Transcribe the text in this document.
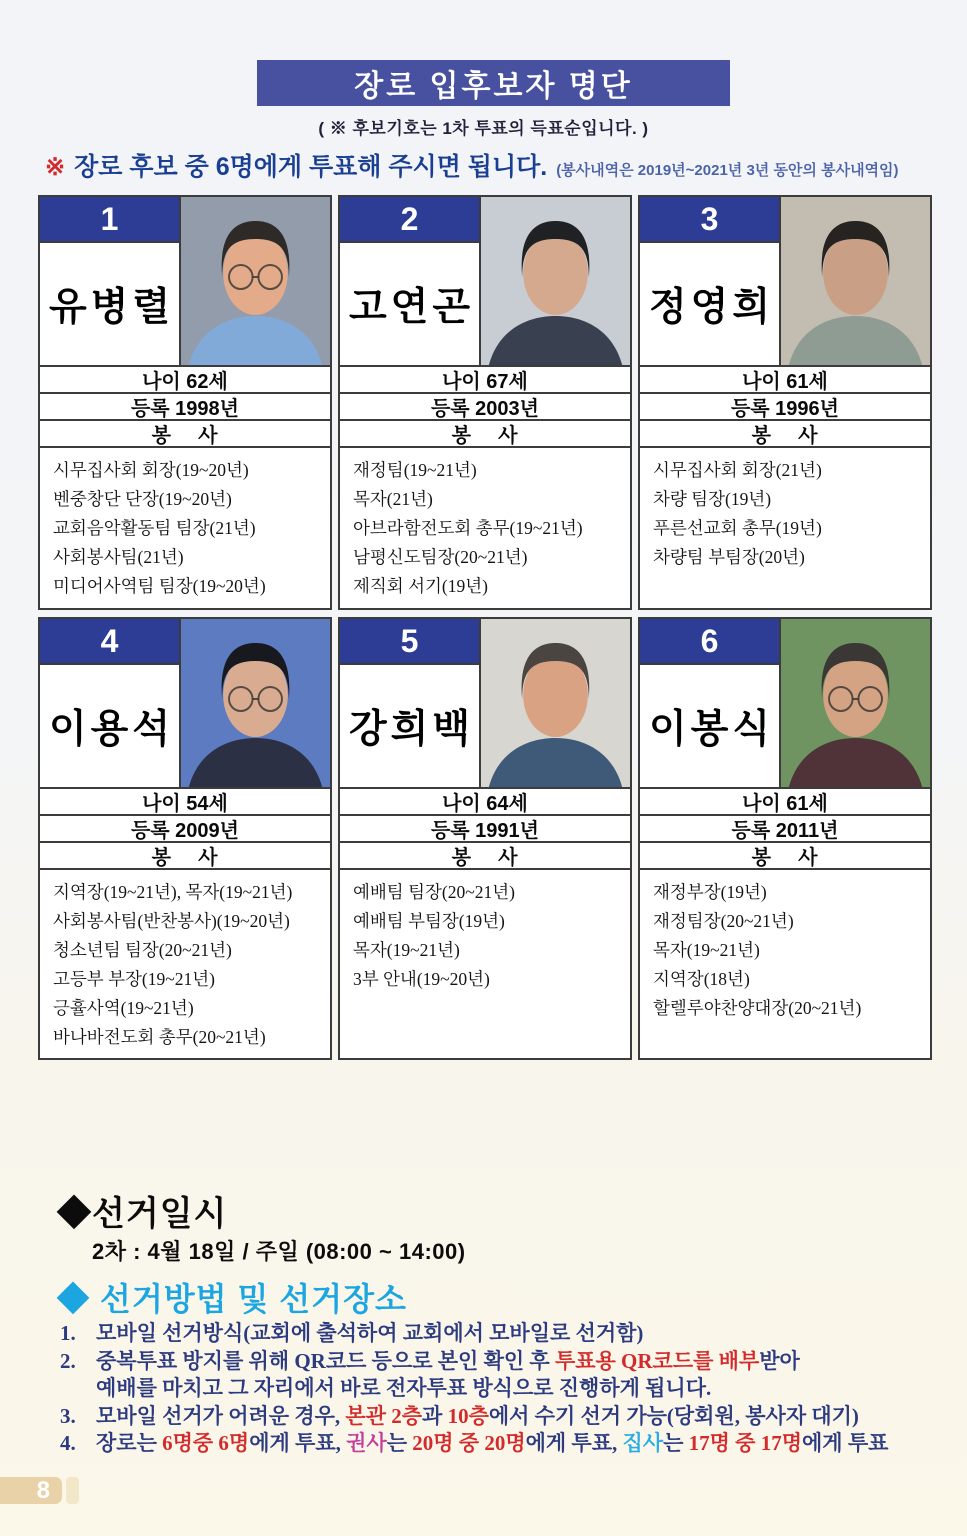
장로 입후보자 명단
( ※ 후보기호는 1차 투표의 득표순입니다. )
※ 장로 후보 중 6명에게 투표해 주시면 됩니다. (봉사내역은 2019년~2021년 3년 동안의 봉사내역임)
1
유병렬
나이 62세
등록 1998년
봉    사
시무집사회 회장(19~20년)
벤중창단 단장(19~20년)
교회음악활동팀 팀장(21년)
사회봉사팀(21년)
미디어사역팀 팀장(19~20년)
2
고연곤
나이 67세
등록 2003년
봉    사
재정팀(19~21년)
목자(21년)
아브라함전도회 총무(19~21년)
남평신도팀장(20~21년)
제직회 서기(19년)
3
정영희
나이 61세
등록 1996년
봉    사
시무집사회 회장(21년)
차량 팀장(19년)
푸른선교회 총무(19년)
차량팀 부팀장(20년)
4
이용석
나이 54세
등록 2009년
봉    사
지역장(19~21년), 목자(19~21년)
사회봉사팀(반찬봉사)(19~20년)
청소년팀 팀장(20~21년)
고등부 부장(19~21년)
긍휼사역(19~21년)
바나바전도회 총무(20~21년)
5
강희백
나이 64세
등록 1991년
봉    사
예배팀 팀장(20~21년)
예배팀 부팀장(19년)
목자(19~21년)
3부 안내(19~20년)
6
이봉식
나이 61세
등록 2011년
봉    사
재정부장(19년)
재정팀장(20~21년)
목자(19~21년)
지역장(18년)
할렐루야찬양대장(20~21년)
◆선거일시
2차 : 4월 18일 / 주일 (08:00 ~ 14:00)
◆ 선거방법 및 선거장소
1. 모바일 선거방식(교회에 출석하여 교회에서 모바일로 선거함)
2. 중복투표 방지를 위해 QR코드 등으로 본인 확인 후 투표용 QR코드를 배부받아
예배를 마치고 그 자리에서 바로 전자투표 방식으로 진행하게 됩니다.
3. 모바일 선거가 어려운 경우, 본관 2층과 10층에서 수기 선거 가능(당회원, 봉사자 대기)
4. 장로는 6명중 6명에게 투표, 권사는 20명 중 20명에게 투표, 집사는 17명 중 17명에게 투표
8
